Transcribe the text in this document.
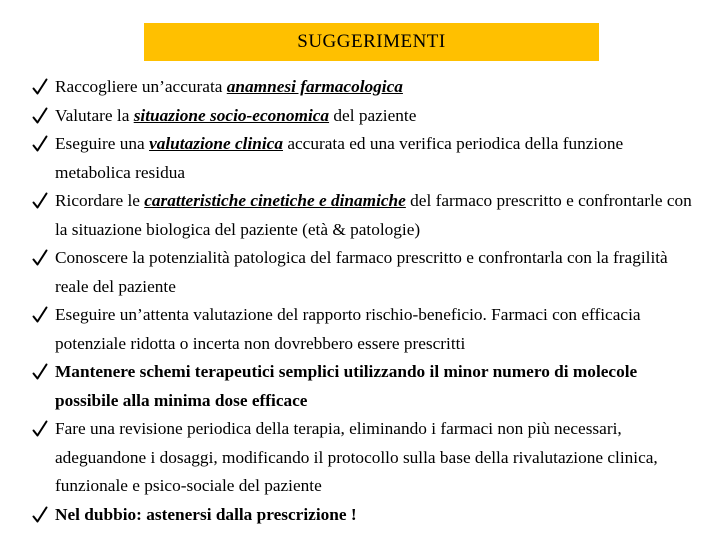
SUGGERIMENTI
Raccogliere un’accurata anamnesi farmacologica
Valutare la situazione socio-economica del paziente
Eseguire una valutazione clinica accurata ed una verifica periodica della funzione metabolica residua
Ricordare le caratteristiche cinetiche e dinamiche del farmaco prescritto e confrontarle con la situazione biologica del paziente (età & patologie)
Conoscere la potenzialità patologica del farmaco prescritto e confrontarla con la fragilità reale del paziente
Eseguire un’attenta valutazione del rapporto rischio-beneficio. Farmaci con efficacia potenziale ridotta o incerta non dovrebbero essere prescritti
Mantenere schemi terapeutici semplici utilizzando il minor numero di molecole possibile alla minima dose efficace
Fare una revisione periodica della terapia, eliminando i farmaci non più necessari, adeguandone i dosaggi, modificando il protocollo sulla base della rivalutazione clinica, funzionale e psico-sociale del paziente
Nel dubbio: astenersi dalla prescrizione !
